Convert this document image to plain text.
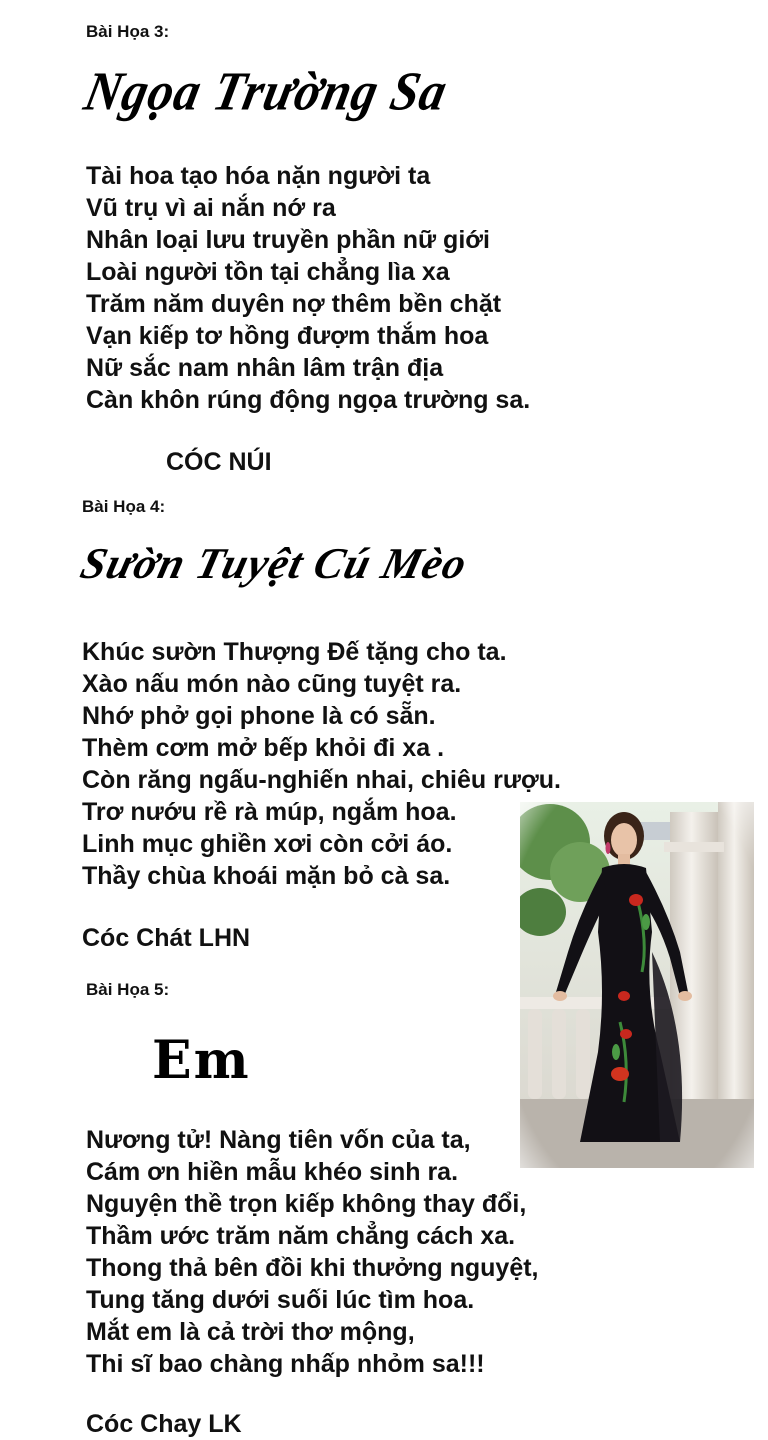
Bài Họa 3:
Ngọa Trường Sa
Tài hoa tạo hóa nặn người ta
Vũ trụ vì ai nắn nớ ra
Nhân loại lưu truyền phần nữ giới
Loài người tồn tại chẳng lìa xa
Trăm năm duyên nợ thêm bền chặt
Vạn kiếp tơ hồng đượm thắm hoa
Nữ sắc nam nhân lâm trận địa
Càn khôn rúng động ngọa trường sa.
CÓC NÚI
Bài Họa 4:
Sườn Tuyệt Cú Mèo
Khúc sườn Thượng Đế tặng cho ta.
Xào nấu món nào cũng tuyệt ra.
Nhớ phở gọi phone là có sẵn.
Thèm cơm mở bếp khỏi đi xa .
Còn răng ngấu-nghiến nhai, chiêu rượu.
Trơ nướu rề rà múp, ngắm hoa.
Linh mục ghiền xơi còn cởi áo.
Thầy chùa khoái mặn bỏ cà sa.
Cóc Chát LHN
Bài Họa 5:
Em
Nương tử! Nàng tiên vốn của ta,
Cám ơn hiền mẫu khéo sinh ra.
Nguyện thề trọn kiếp không thay đổi,
Thầm ước trăm năm chẳng cách xa.
Thong thả bên đồi khi thưởng nguyệt,
Tung tăng dưới suối lúc tìm hoa.
Mắt em là cả trời thơ mộng,
Thi sĩ bao chàng nhấp nhỏm sa!!!
Cóc Chay LK
